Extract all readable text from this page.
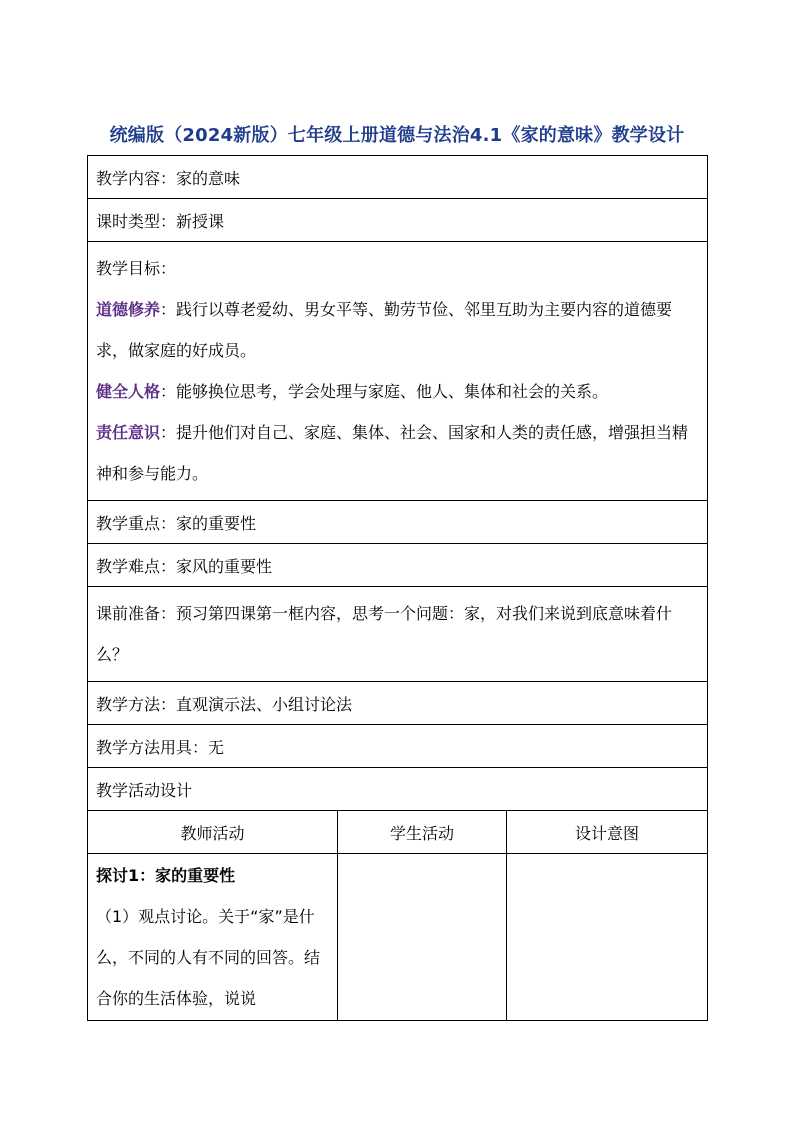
统编版（2024新版）七年级上册道德与法治4.1《家的意味》教学设计
教学内容：家的意味		
课时类型：新授课		

教学目标：
道德修养：践行以尊老爱幼、男女平等、勤劳节俭、邻里互助为主要内容的道德要求，做家庭的好成员。
健全人格：能够换位思考，学会处理与家庭、他人、集体和社会的关系。
责任意识：提升他们对自己、家庭、集体、社会、国家和人类的责任感，增强担当精神和参与能力。		

教学重点：家的重要性		
教学难点：家风的重要性		
课前准备：预习第四课第一框内容，思考一个问题：家，对我们来说到底意味着什么？		
教学方法：直观演示法、小组讨论法		
教学方法用具：无		
教学活动设计		
教师活动	学生活动	设计意图

探讨1：家的重要性
（1）观点讨论。关于“家”是什么，不同的人有不同的回答。结合你的生活体验，说说		
